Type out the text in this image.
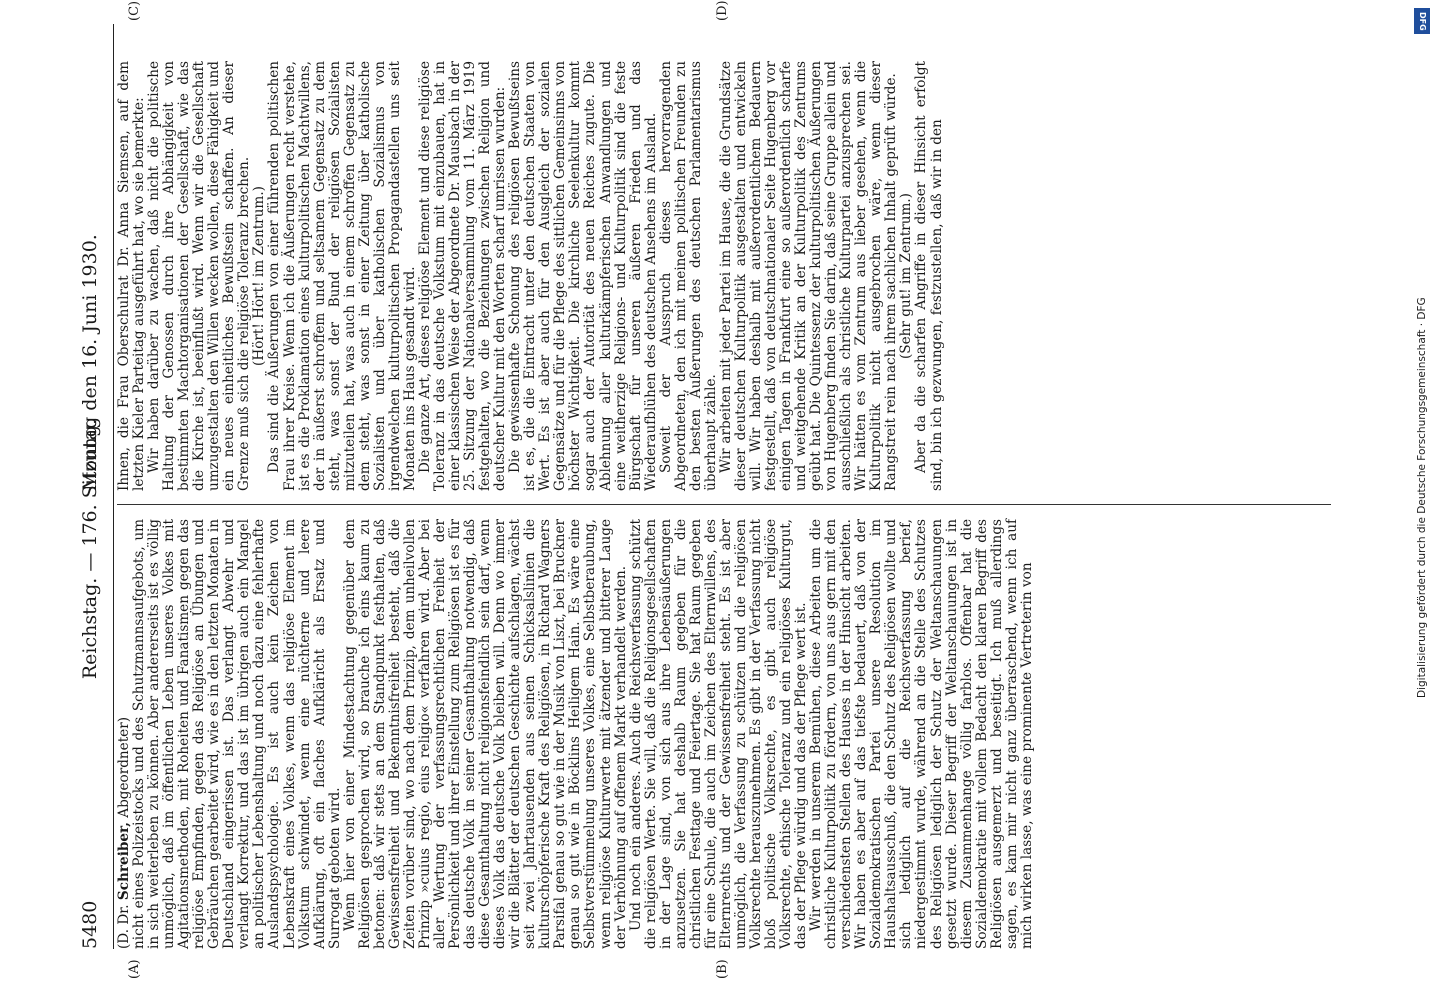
5480
Reichstag. — 176. Sitzung.
Montag den 16. Juni 1930.

(D. Dr. Schreiber, Abgeordneter) nicht eines Polizeistocks und des Schutzmannsaufgebots, um in sich weiterleben zu können. Aber andererseits ist es völlig unmöglich, daß im öffentlichen Leben unseres Volkes mit Agitationsmethoden, mit Roheiten und Fanatismen gegen das religiöse Empfinden, gegen das Religiöse an Übungen und Gebräuchen gearbeitet wird, wie es in den letzten Monaten in Deutschland eingerissen ist. Das verlangt Abwehr und verlangt Korrektur, und das ist im übrigen auch ein Mangel an politischer Lebenshaltung und noch dazu eine fehlerhafte Auslandspsychologie. Es ist auch kein Zeichen von Lebenskraft eines Volkes, wenn das religiöse Element im Volkstum schwindet, wenn eine nüchterne und leere Aufklärung, oft ein flaches Aufkläricht als Ersatz und Surrogat geboten wird. Wenn hier von einer Mindestachtung gegenüber dem Religiösen gesprochen wird, so brauche ich eins kaum zu betonen: daß wir stets an dem Standpunkt festhalten, daß Gewissensfreiheit und Bekenntnisfreiheit besteht, daß die Zeiten vorüber sind, wo nach dem Prinzip, dem unheilvollen Prinzip »cuius regio, eius religio« verfahren wird. Aber bei aller Wertung der verfassungsrechtlichen Freiheit der Persönlichkeit und ihrer Einstellung zum Religiösen ist es für das deutsche Volk in seiner Gesamthaltung notwendig, daß diese Gesamthaltung nicht religionsfeindlich sein darf, wenn dieses Volk das deutsche Volk bleiben will. Denn wo immer wir die Blätter der deutschen Geschichte aufschlagen, wächst seit zwei Jahrtausenden aus seinen Schicksalslinien die kulturschöpferische Kraft des Religiösen, in Richard Wagners Parsifal genau so gut wie in der Musik von Liszt, bei Bruckner genau so gut wie in Böcklins Heiligem Hain. Es wäre eine Selbstverstümmelung unseres Volkes, eine Selbstberaubung, wenn religiöse Kulturwerte mit ätzender und bitterer Lauge der Verhöhnung auf offenem Markt verhandelt werden. Und noch ein anderes. Auch die Reichsverfassung schützt die religiösen Werte. Sie will, daß die Religionsgesellschaften in der Lage sind, von sich aus ihre Lebensäußerungen anzusetzen. Sie hat deshalb Raum gegeben für die christlichen Festtage und Feiertage. Sie hat Raum gegeben für eine Schule, die auch im Zeichen des Elternwillens, des Elternrechts und der Gewissensfreiheit steht. Es ist aber unmöglich, die Verfassung zu schützen und die religiösen Volksrechte herauszunehmen. Es gibt in der Verfassung nicht bloß politische Volksrechte, es gibt auch religiöse Volksrechte, ethische Toleranz und ein religiöses Kulturgut, das der Pflege würdig und das der Pflege wert ist. Wir werden in unserem Bemühen, diese Arbeiten um die christliche Kulturpolitik zu fördern, von uns aus gern mit den verschiedensten Stellen des Hauses in der Hinsicht arbeiten. Wir haben es aber auf das tiefste bedauert, daß von der Sozialdemokratischen Partei unsere Resolution im Haushaltsausschuß, die den Schutz des Religiösen wollte und sich lediglich auf die Reichsverfassung berief, niedergestimmt wurde, während an die Stelle des Schutzes des Religiösen lediglich der Schutz der Weltanschauungen gesetzt wurde. Dieser Begriff der Weltanschauungen ist in diesem Zusammenhange völlig farblos. Offenbar hat die Sozialdemokratie mit vollem Bedacht den klaren Begriff des Religiösen ausgemerzt und beseitigt. Ich muß allerdings sagen, es kam mir nicht ganz überraschend, wenn ich auf mich wirken lasse, was eine prominente Vertreterin von

Ihnen, die Frau Oberschulrat Dr. Anna Siemsen, auf dem letzten Kieler Parteitag ausgeführt hat, wo sie bemerkte: Wir haben darüber zu wachen, daß nicht die politische Haltung der Genossen durch ihre Abhängigkeit von bestimmten Machtorganisationen der Gesellschaft, wie das die Kirche ist, beeinflußt wird. Wenn wir die Gesellschaft umzugestalten den Willen wecken wollen, diese Fähigkeit und ein neues einheitliches Bewußtsein schaffen. An dieser Grenze muß sich die religiöse Toleranz brechen. (Hört! Hört! im Zentrum.) Das sind die Äußerungen von einer führenden politischen Frau ihrer Kreise. Wenn ich die Äußerungen recht verstehe, ist es die Proklamation eines kulturpolitischen Machtwillens, der in äußerst schroffem und seltsamem Gegensatz zu dem steht, was sonst der Bund der religiösen Sozialisten mitzuteilen hat, was auch in einem schroffen Gegensatz zu dem steht, was sonst in einer Zeitung über katholische Sozialisten und über katholischen Sozialismus von irgendwelchen kulturpolitischen Propagandastellen uns seit Monaten ins Haus gesandt wird. Die ganze Art, dieses religiöse Element und diese religiöse Toleranz in das deutsche Volkstum mit einzubauen, hat in einer klassischen Weise der Abgeordnete Dr. Mausbach in der 25. Sitzung der Nationalversammlung vom 11. März 1919 festgehalten, wo die Beziehungen zwischen Religion und deutscher Kultur mit den Worten scharf umrissen wurden: Die gewissenhafte Schonung des religiösen Bewußtseins ist es, die die Eintracht unter den deutschen Staaten von Wert. Es ist aber auch für den Ausgleich der sozialen Gegensätze und für die Pflege des sittlichen Gemeinsinns von höchster Wichtigkeit. Die kirchliche Seelenkultur kommt sogar auch der Autorität des neuen Reiches zugute. Die Ablehnung aller kulturkämpferischen Anwandlungen und eine weitherzige Religions- und Kulturpolitik sind die feste Bürgschaft für unseren äußeren Frieden und das Wiederaufblühen des deutschen Ansehens im Ausland. Soweit der Ausspruch dieses hervorragenden Abgeordneten, den ich mit meinen politischen Freunden zu den besten Äußerungen des deutschen Parlamentarismus überhaupt zähle. Wir arbeiten mit jeder Partei im Hause, die die Grundsätze dieser deutschen Kulturpolitik ausgestalten und entwickeln will. Wir haben deshalb mit außerordentlichem Bedauern festgestellt, daß von deutschnationaler Seite Hugenberg vor einigen Tagen in Frankfurt eine so außerordentlich scharfe und weitgehende Kritik an der Kulturpolitik des Zentrums geübt hat. Die Quintessenz der kulturpolitischen Äußerungen von Hugenberg finden Sie darin, daß seine Gruppe allein und ausschließlich als christliche Kulturpartei anzusprechen sei. Wir hätten es vom Zentrum aus lieber gesehen, wenn die Kulturpolitik nicht ausgebrochen wäre, wenn dieser Rangstreit rein nach ihrem sachlichen Inhalt geprüft würde. (Sehr gut! im Zentrum.) Aber da die scharfen Angriffe in dieser Hinsicht erfolgt sind, bin ich gezwungen, festzustellen, daß wir in den

(A)	(B)
(C)	(D)	DFG
Digitalisierung gefördert durch die Deutsche Forschungsgemeinschaft · DFG
